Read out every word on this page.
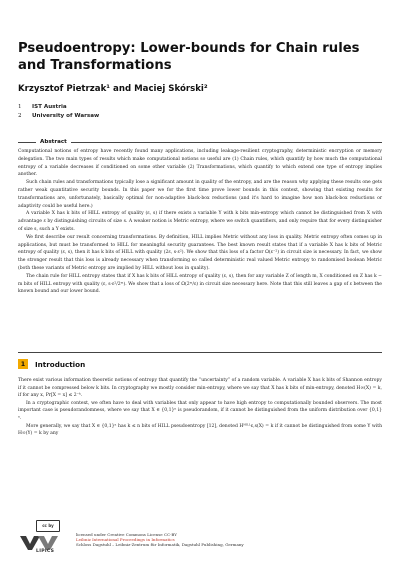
Pseudoentropy: Lower-bounds for Chain rules and Transformations
Krzysztof Pietrzak¹ and Maciej Skórski²
1 IST Austria
2 University of Warsaw
Abstract

Computational notions of entropy have recently found many applications, including leakage-resilient cryptography, deterministic encryption or memory delegation. The two main types of results which make computational notions so useful are (1) Chain rules, which quantify by how much the computational entropy of a variable decreases if conditioned on some other variable (2) Transformations, which quantify to which extend one type of entropy implies another.

Such chain rules and transformations typically lose a significant amount in quality of the entropy, and are the reason why applying these results one gets rather weak quantitative security bounds. In this paper we for the first time prove lower bounds in this context, showing that existing results for transformations are, unfortunately, basically optimal for non-adaptive black-box reductions (and it's hard to imagine how non black-box reductions or adaptivity could be useful here.)

A variable X has k bits of HILL entropy of quality (ε, s) if there exists a variable Y with k bits min-entropy which cannot be distinguished from X with advantage ε by distinguishing circuits of size s. A weaker notion is Metric entropy, where we switch quantifiers, and only require that for every distinguisher of size s, such a Y exists.

We first describe our result concerning transformations. By definition, HILL implies Metric without any loss in quality. Metric entropy often comes up in applications, but must be transformed to HILL for meaningful security guarantees. The best known result states that if a variable X has k bits of Metric entropy of quality (ε, s), then it has k bits of HILL with quality (2ε, s·ε²). We show that this loss of a factor Ω(ε⁻²) in circuit size is necessary. In fact, we show the stronger result that this loss is already necessary when transforming so called deterministic real valued Metric entropy to randomised boolean Metric (both these variants of Metric entropy are implied by HILL without loss in quality).

The chain rule for HILL entropy states that if X has k bits of HILL entropy of quality (ε, s), then for any variable Z of length m, X conditioned on Z has k − m bits of HILL entropy with quality (ε, s·ε²/2ᵐ). We show that a loss of Ω(2ᵐ/ε) in circuit size necessary here. Note that this still leaves a gap of ε between the known bound and our lower bound.

1	Introduction

There exist various information theoretic notions of entropy that quantify the “uncertainty” of a random variable. A variable X has k bits of Shannon entropy if it cannot be compressed below k bits. In cryptography we mostly consider min-entropy, where we say that X has k bits of min-entropy, denoted H∞(X) = k, if for any x, Pr[X = x] ≤ 2⁻ᵏ.

In a cryptographic context, we often have to deal with variables that only appear to have high entropy to computationally bounded observers. The most important case is pseudorandomness, where we say that X ∈ {0,1}ⁿ is pseudorandom, if it cannot be distinguished from the uniform distribution over {0,1}ⁿ.

More generally, we say that X ∈ {0,1}ⁿ has k ≤ n bits of HILL pseudoentropy [12], denoted Hᴴᴵᴸᴸε,s(X) = k if it cannot be distinguished from some Y with H∞(Y) = k by any

cc by
LIPICS
licensed under Creative Commons License CC-BY
Leibniz International Proceedings in Informatics
Schloss Dagstuhl – Leibniz-Zentrum für Informatik, Dagstuhl Publishing, Germany
